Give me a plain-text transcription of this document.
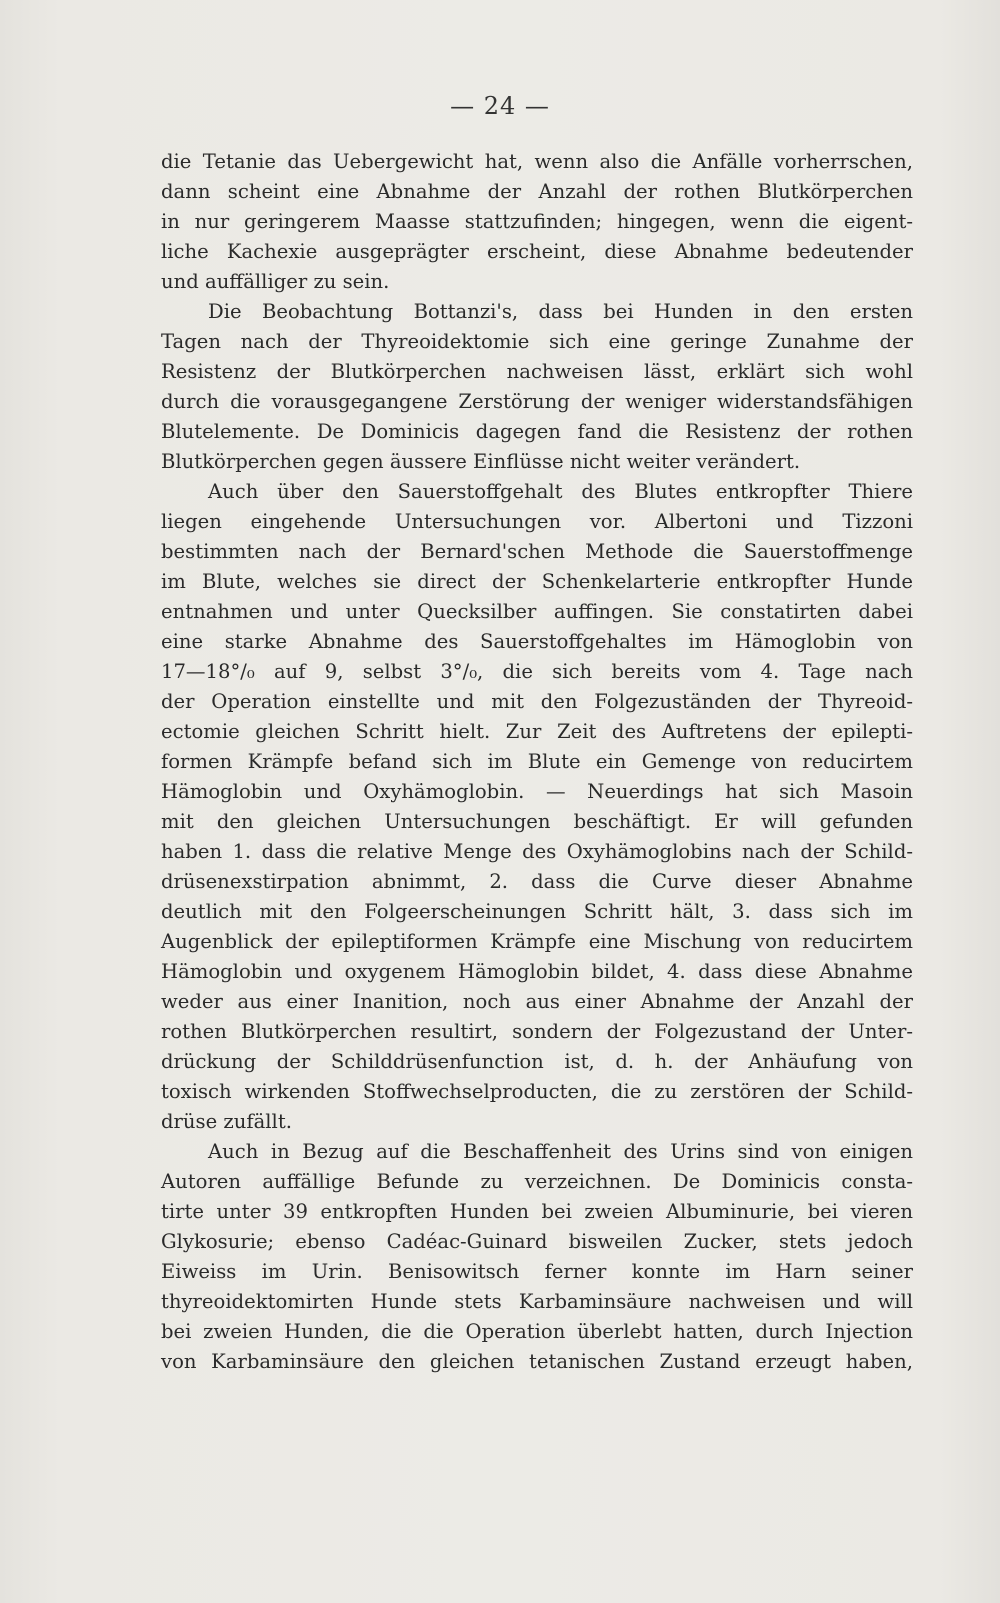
— 24 —
die Tetanie das Uebergewicht hat, wenn also die Anfälle vorherrschen,
dann scheint eine Abnahme der Anzahl der rothen Blutkörperchen
in nur geringerem Maasse stattzufinden; hingegen, wenn die eigent-
liche Kachexie ausgeprägter erscheint, diese Abnahme bedeutender
und auffälliger zu sein.
Die Beobachtung Bottanzi's, dass bei Hunden in den ersten
Tagen nach der Thyreoidektomie sich eine geringe Zunahme der
Resistenz der Blutkörperchen nachweisen lässt, erklärt sich wohl
durch die vorausgegangene Zerstörung der weniger widerstandsfähigen
Blutelemente. De Dominicis dagegen fand die Resistenz der rothen
Blutkörperchen gegen äussere Einflüsse nicht weiter verändert.
Auch über den Sauerstoffgehalt des Blutes entkropfter Thiere
liegen eingehende Untersuchungen vor. Albertoni und Tizzoni
bestimmten nach der Bernard'schen Methode die Sauerstoffmenge
im Blute, welches sie direct der Schenkelarterie entkropfter Hunde
entnahmen und unter Quecksilber auffingen. Sie constatirten dabei
eine starke Abnahme des Sauerstoffgehaltes im Hämoglobin von
17—18°/₀ auf 9, selbst 3°/₀, die sich bereits vom 4. Tage nach
der Operation einstellte und mit den Folgezuständen der Thyreoid-
ectomie gleichen Schritt hielt. Zur Zeit des Auftretens der epilepti-
formen Krämpfe befand sich im Blute ein Gemenge von reducirtem
Hämoglobin und Oxyhämoglobin. — Neuerdings hat sich Masoin
mit den gleichen Untersuchungen beschäftigt. Er will gefunden
haben 1. dass die relative Menge des Oxyhämoglobins nach der Schild-
drüsenexstirpation abnimmt, 2. dass die Curve dieser Abnahme
deutlich mit den Folgeerscheinungen Schritt hält, 3. dass sich im
Augenblick der epileptiformen Krämpfe eine Mischung von reducirtem
Hämoglobin und oxygenem Hämoglobin bildet, 4. dass diese Abnahme
weder aus einer Inanition, noch aus einer Abnahme der Anzahl der
rothen Blutkörperchen resultirt, sondern der Folgezustand der Unter-
drückung der Schilddrüsenfunction ist, d. h. der Anhäufung von
toxisch wirkenden Stoffwechselproducten, die zu zerstören der Schild-
drüse zufällt.
Auch in Bezug auf die Beschaffenheit des Urins sind von einigen
Autoren auffällige Befunde zu verzeichnen. De Dominicis consta-
tirte unter 39 entkropften Hunden bei zweien Albuminurie, bei vieren
Glykosurie; ebenso Cadéac-Guinard bisweilen Zucker, stets jedoch
Eiweiss im Urin. Benisowitsch ferner konnte im Harn seiner
thyreoidektomirten Hunde stets Karbaminsäure nachweisen und will
bei zweien Hunden, die die Operation überlebt hatten, durch Injection
von Karbaminsäure den gleichen tetanischen Zustand erzeugt haben,
